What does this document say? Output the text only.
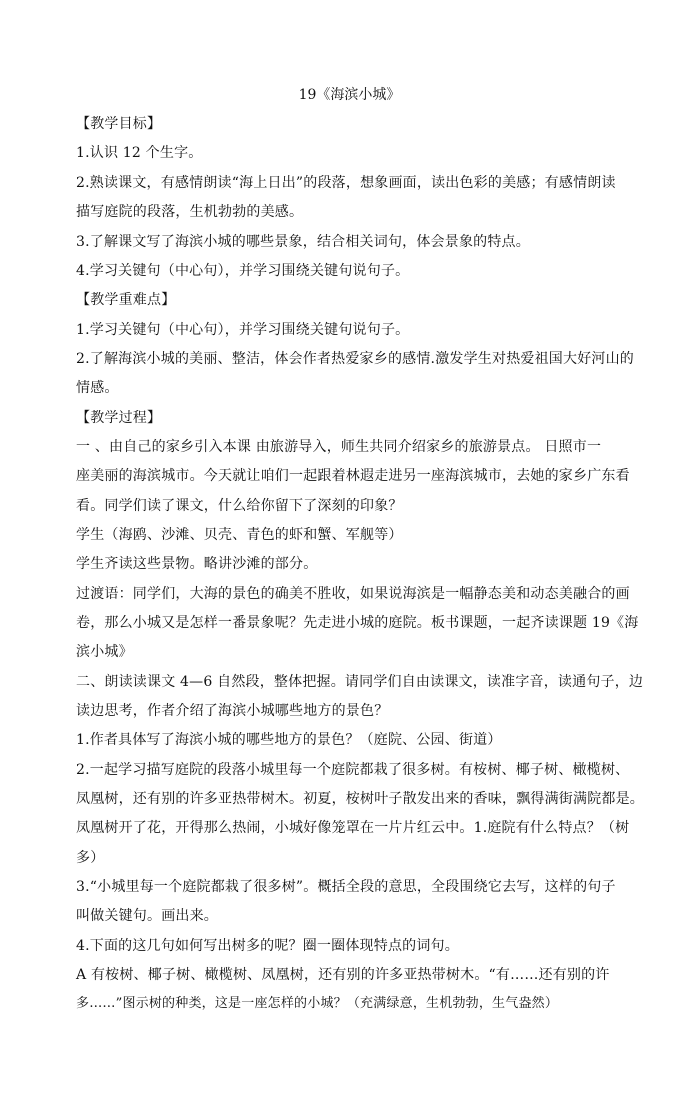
19《海滨小城》
【教学目标】
1.认识 12 个生字。
2.熟读课文，有感情朗读“海上日出”的段落，想象画面，读出色彩的美感；有感情朗读
描写庭院的段落，生机勃勃的美感。
3.了解课文写了海滨小城的哪些景象，结合相关词句，体会景象的特点。
4.学习关键句（中心句），并学习围绕关键句说句子。
【教学重难点】
1.学习关键句（中心句），并学习围绕关键句说句子。
2.了解海滨小城的美丽、整洁，体会作者热爱家乡的感情.激发学生对热爱祖国大好河山的
情感。
【教学过程】
一 、由自己的家乡引入本课 由旅游导入，师生共同介绍家乡的旅游景点。 日照市一
座美丽的海滨城市。今天就让咱们一起跟着林遐走进另一座海滨城市，去她的家乡广东看
看。同学们读了课文，什么给你留下了深刻的印象？
学生（海鸥、沙滩、贝壳、青色的虾和蟹、军舰等）
学生齐读这些景物。略讲沙滩的部分。
过渡语：同学们，大海的景色的确美不胜收，如果说海滨是一幅静态美和动态美融合的画
卷，那么小城又是怎样一番景象呢？先走进小城的庭院。板书课题，一起齐读课题 19《海
滨小城》
二、朗读读课文 4—6 自然段，整体把握。请同学们自由读课文，读准字音，读通句子，边
读边思考，作者介绍了海滨小城哪些地方的景色？
1.作者具体写了海滨小城的哪些地方的景色？（庭院、公园、街道）
2.一起学习描写庭院的段落小城里每一个庭院都栽了很多树。有桉树、椰子树、橄榄树、
凤凰树，还有别的许多亚热带树木。初夏，桉树叶子散发出来的香味，飘得满街满院都是。
凤凰树开了花，开得那么热闹，小城好像笼罩在一片片红云中。1.庭院有什么特点？（树
多）
3.“小城里每一个庭院都栽了很多树”。概括全段的意思，全段围绕它去写，这样的句子
叫做关键句。画出来。
4.下面的这几句如何写出树多的呢？圈一圈体现特点的词句。
A 有桉树、椰子树、橄榄树、凤凰树，还有别的许多亚热带树木。“有……还有别的许
多……”图示树的种类，这是一座怎样的小城？（充满绿意，生机勃勃，生气盎然）
